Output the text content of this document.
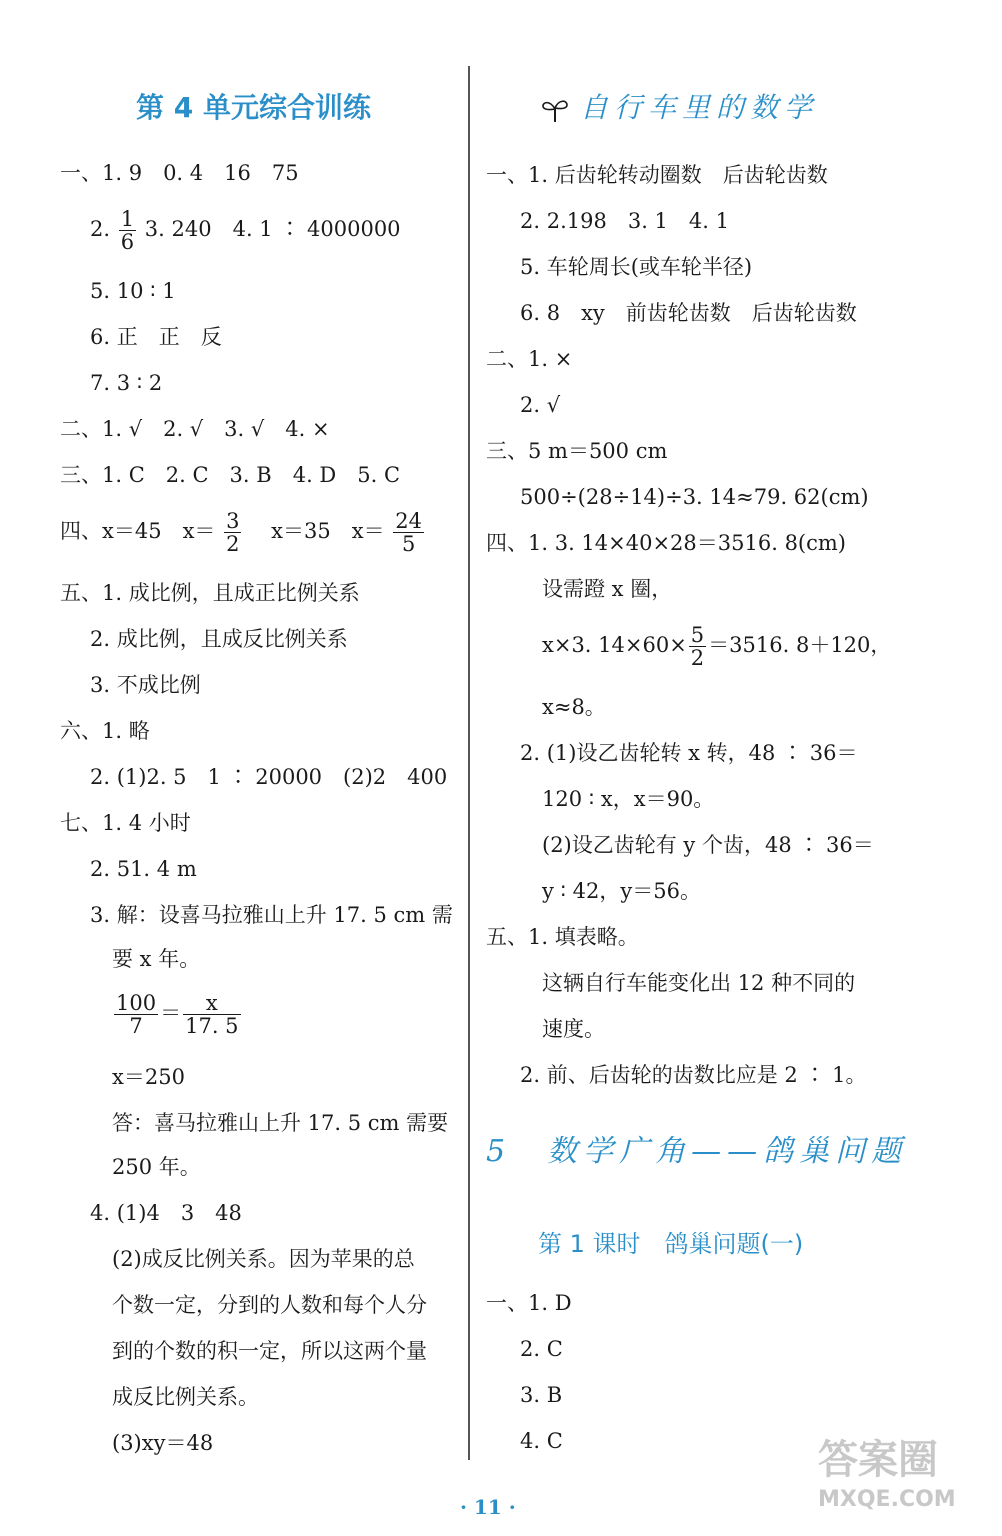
第 4 单元综合训练
一、1. 9　0. 4　16　75
2. $\frac{1}{6} 3$. 240　4. 1 ∶ 4000000
5. 10 ∶ 1
6. 正　正　反
7. 3 ∶ 2
二、1. √　2. √　3. √　4. ×
三、1. C　2. C　3. B　4. D　5. C
四、x＝45　$x= \frac{3}{2}$
　 x＝35　$x= \frac{24}{5}$
五、1. 成比例，且成正比例关系
2. 成比例，且成反比例关系
3. 不成比例
六、1. 略
2. (1)2. 5　1 ∶ 20000　(2)2　400
七、1. 4 小时
2. 51. 4 m
3. 解：设喜马拉雅山上升 17. 5 cm 需
要 x 年。
$\frac{100}{7} = \frac{x}{17. 5}$
x＝250
答：喜马拉雅山上升 17. 5 cm 需要
250 年。
4. (1)4　3　48
(2)成反比例关系。因为苹果的总
个数一定，分到的人数和每个人分
到的个数的积一定，所以这两个量
成反比例关系。
(3)xy＝48
自行车里的数学
一、1. 后齿轮转动圈数　后齿轮齿数
2. 2.198　3. 1　4. 1
5. 车轮周长(或车轮半径)
6. 8　xy　前齿轮齿数　后齿轮齿数
二、1. ×
2. √
三、5 m＝500 cm
500÷(28÷14)÷3. 14≈79. 62(cm)
四、1. 3. 14×40×28＝3516. 8(cm)
设需蹬 x 圈，
x×3. $14\times 60\times \frac{5}{2} =3516$. 8＋120，
x≈8。
2. (1)设乙齿轮转 x 转，48 ∶ 36＝
120 ∶ x，x＝90。
(2)设乙齿轮有 y 个齿，48 ∶ 36＝
y ∶ 42，y＝56。
五、1. 填表略。
这辆自行车能变化出 12 种不同的
速度。
2. 前、后齿轮的齿数比应是 2 ∶ 1。
5　数学广角——鸽巢问题
第 1 课时　鸽巢问题(一)
一、1. D
2. C
3. B
4. C
· 11 ·
答案圈
MXQE.COM
